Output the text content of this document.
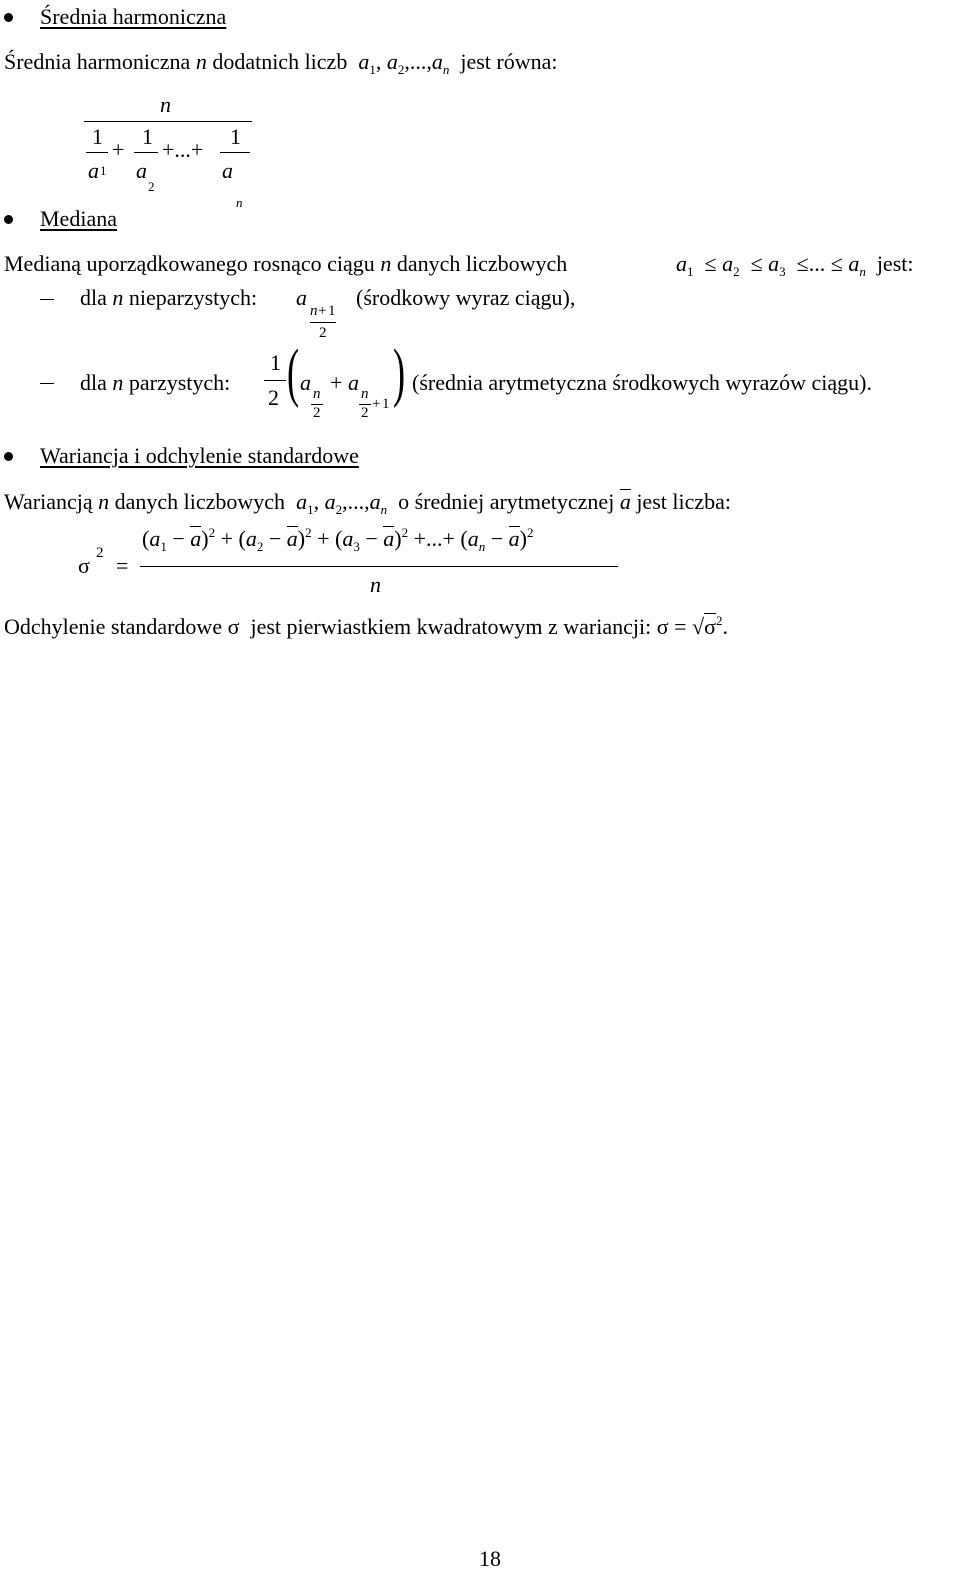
Średnia harmoniczna
Średnia harmoniczna n dodatnich liczb $a_1$, $a_2,...,a_n$ jest równa:
n
1
a 1
+
1
a
2
+...+
1
a
n
Mediana
Medianą uporządkowanego rosnąco ciągu n danych liczbowych	$a_1 \le a_2 \le a_3$ ≤... ≤ $a_n$ jest:
dla n nieparzystych: a
n + 1
2
(środkowy wyraz ciągu),
dla n parzystych:
1
2 ( a n
2
+ a n
2
+ 1 ) (średnia arytmetyczna środkowych wyrazów ciągu).
Wariancja i odchylenie standardowe
Wariancją n danych liczbowych $a_1$, $a_2,...,a_n$ o średniej arytmetycznej a jest liczba:
σ 2 =
$(a_1 - a)^2 + (a_2 - a)^2 + (a_3 - a)^2$ +...+ $(a_n - a)^2$
n
Odchylenie standardowe σ jest pierwiastkiem kwadratowym z wariancji: $\sigma = √\sigma^2$.
18
